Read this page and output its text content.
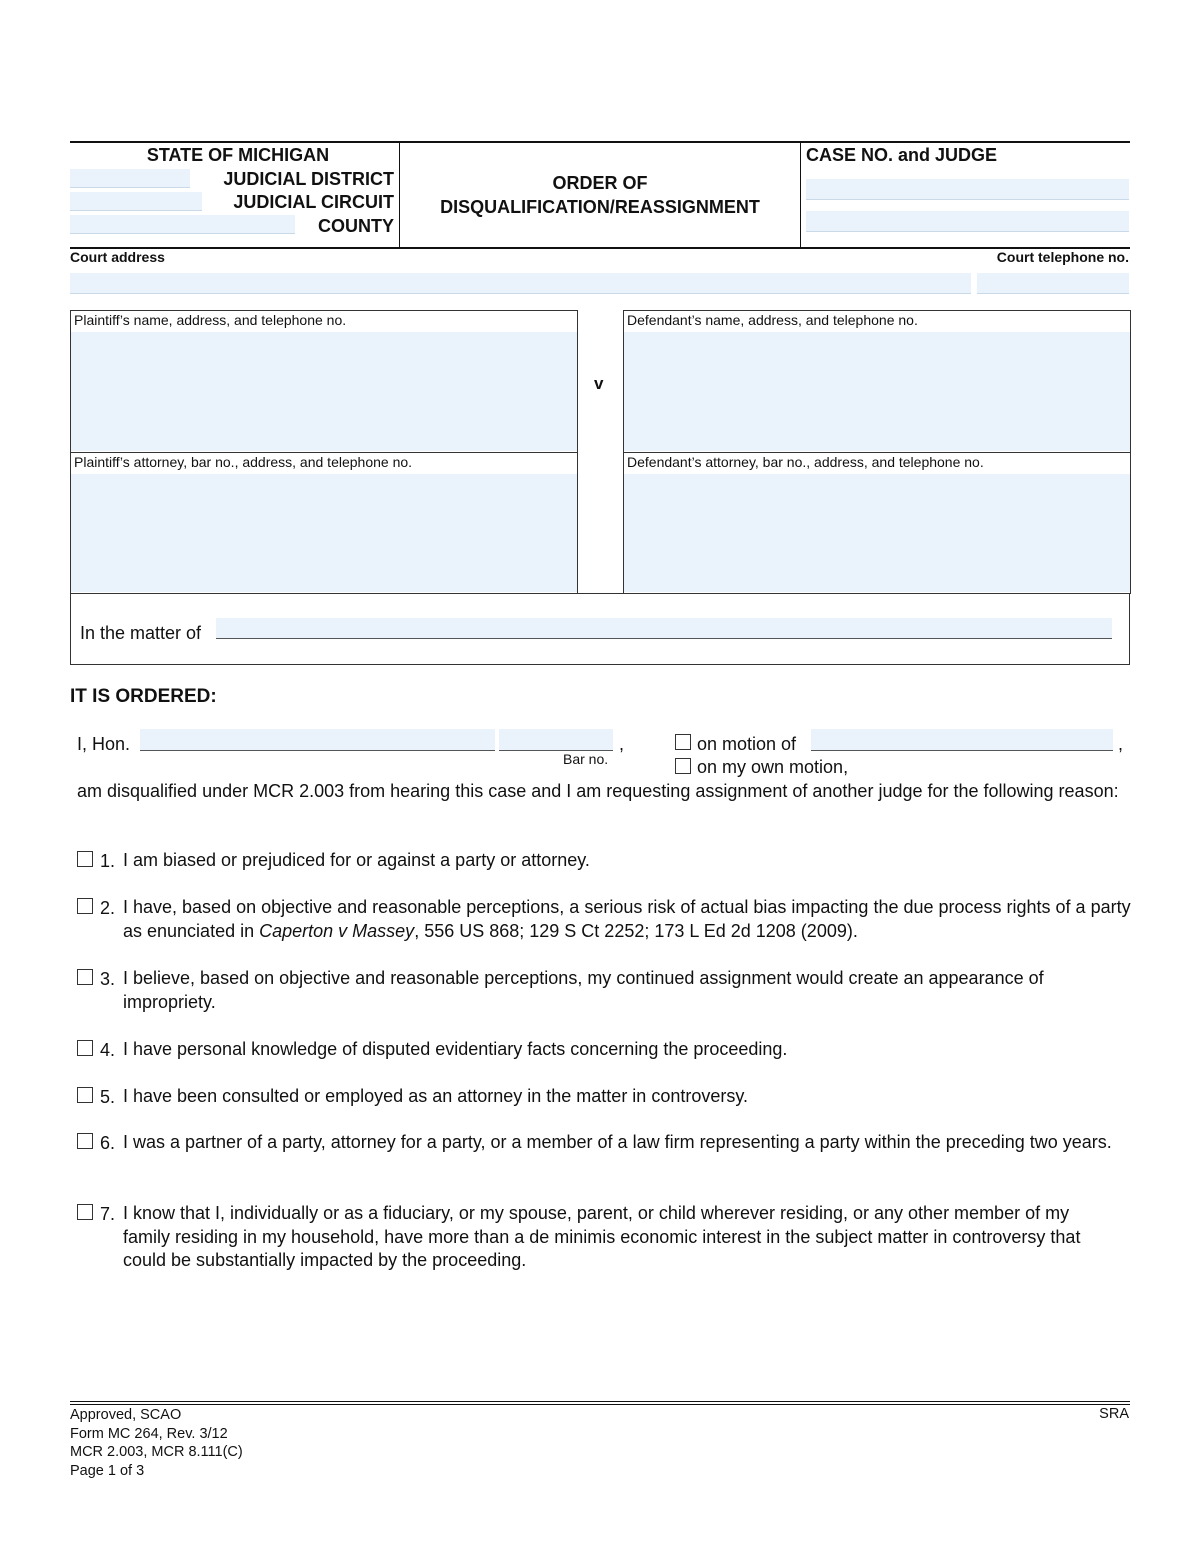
STATE OF MICHIGAN
JUDICIAL DISTRICT
JUDICIAL CIRCUIT
COUNTY
ORDER OF
DISQUALIFICATION/REASSIGNMENT
CASE NO. and JUDGE
Court address	Court telephone no.
Plaintiff’s name, address, and telephone no.
Plaintiff’s attorney, bar no., address, and telephone no.
v
Defendant’s name, address, and telephone no.
Defendant’s attorney, bar no., address, and telephone no.
In the matter of
IT IS ORDERED:
I, Hon.
Bar no.
,	on motion of	,
on my own motion,
am disqualified under MCR 2.003 from hearing this case and I am requesting assignment of another judge for the following reason:
1. I am biased or prejudiced for or against a party or attorney.
2. I have, based on objective and reasonable perceptions, a serious risk of actual bias impacting the due process rights of a party as enunciated in Caperton v Massey, 556 US 868; 129 S Ct 2252; 173 L Ed 2d 1208 (2009).
3. I believe, based on objective and reasonable perceptions, my continued assignment would create an appearance of impropriety.
4. I have personal knowledge of disputed evidentiary facts concerning the proceeding.
5. I have been consulted or employed as an attorney in the matter in controversy.
6. I was a partner of a party, attorney for a party, or a member of a law firm representing a party within the preceding two years.
7. I know that I, individually or as a fiduciary, or my spouse, parent, or child wherever residing, or any other member of my family residing in my household, have more than a de minimis economic interest in the subject matter in controversy that could be substantially impacted by the proceeding.
Approved, SCAO
Form MC 264, Rev. 3/12
MCR 2.003, MCR 8.111(C)
Page 1 of 3
SRA
